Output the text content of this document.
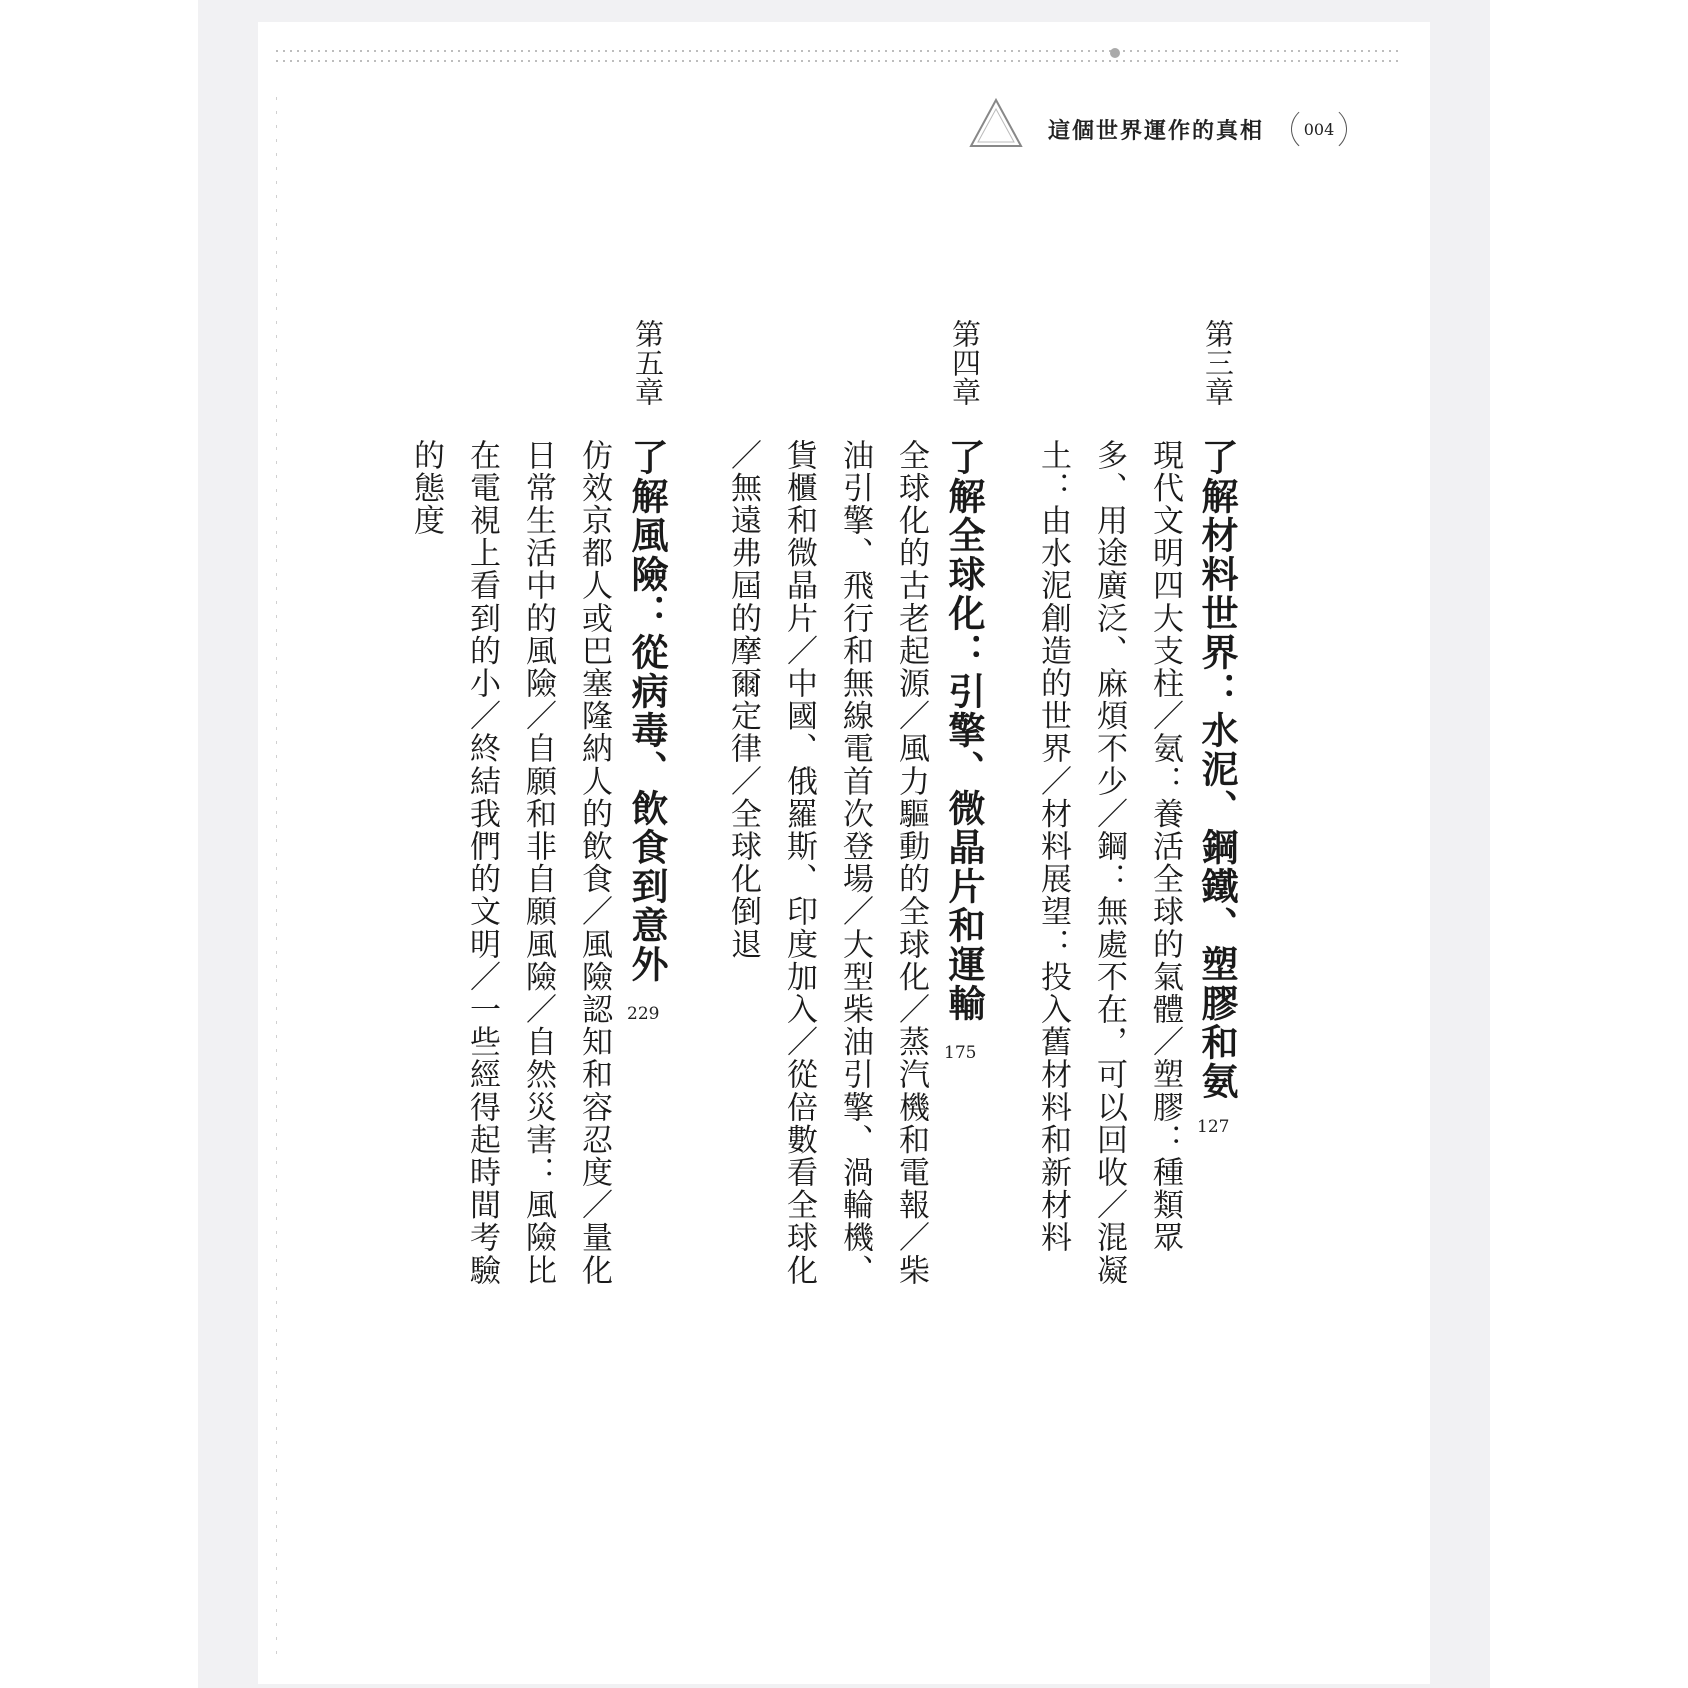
這個世界運作的真相	004
第三章
了解材料世界：水泥、鋼鐵、塑膠和氨
127
現代文明四大支柱／氨：養活全球的氣體／塑膠：種類眾
多、用途廣泛、麻煩不少／鋼：無處不在，可以回收／混凝
土：由水泥創造的世界／材料展望：投入舊材料和新材料
第四章
了解全球化：引擎、微晶片和運輸
175
全球化的古老起源／風力驅動的全球化／蒸汽機和電報／柴
油引擎、飛行和無線電首次登場／大型柴油引擎、渦輪機、
貨櫃和微晶片／中國、俄羅斯、印度加入／從倍數看全球化
／無遠弗屆的摩爾定律／全球化倒退
第五章
了解風險：從病毒、飲食到意外
229
仿效京都人或巴塞隆納人的飲食／風險認知和容忍度／量化
日常生活中的風險／自願和非自願風險／自然災害：風險比
在電視上看到的小／終結我們的文明／一些經得起時間考驗
的態度
